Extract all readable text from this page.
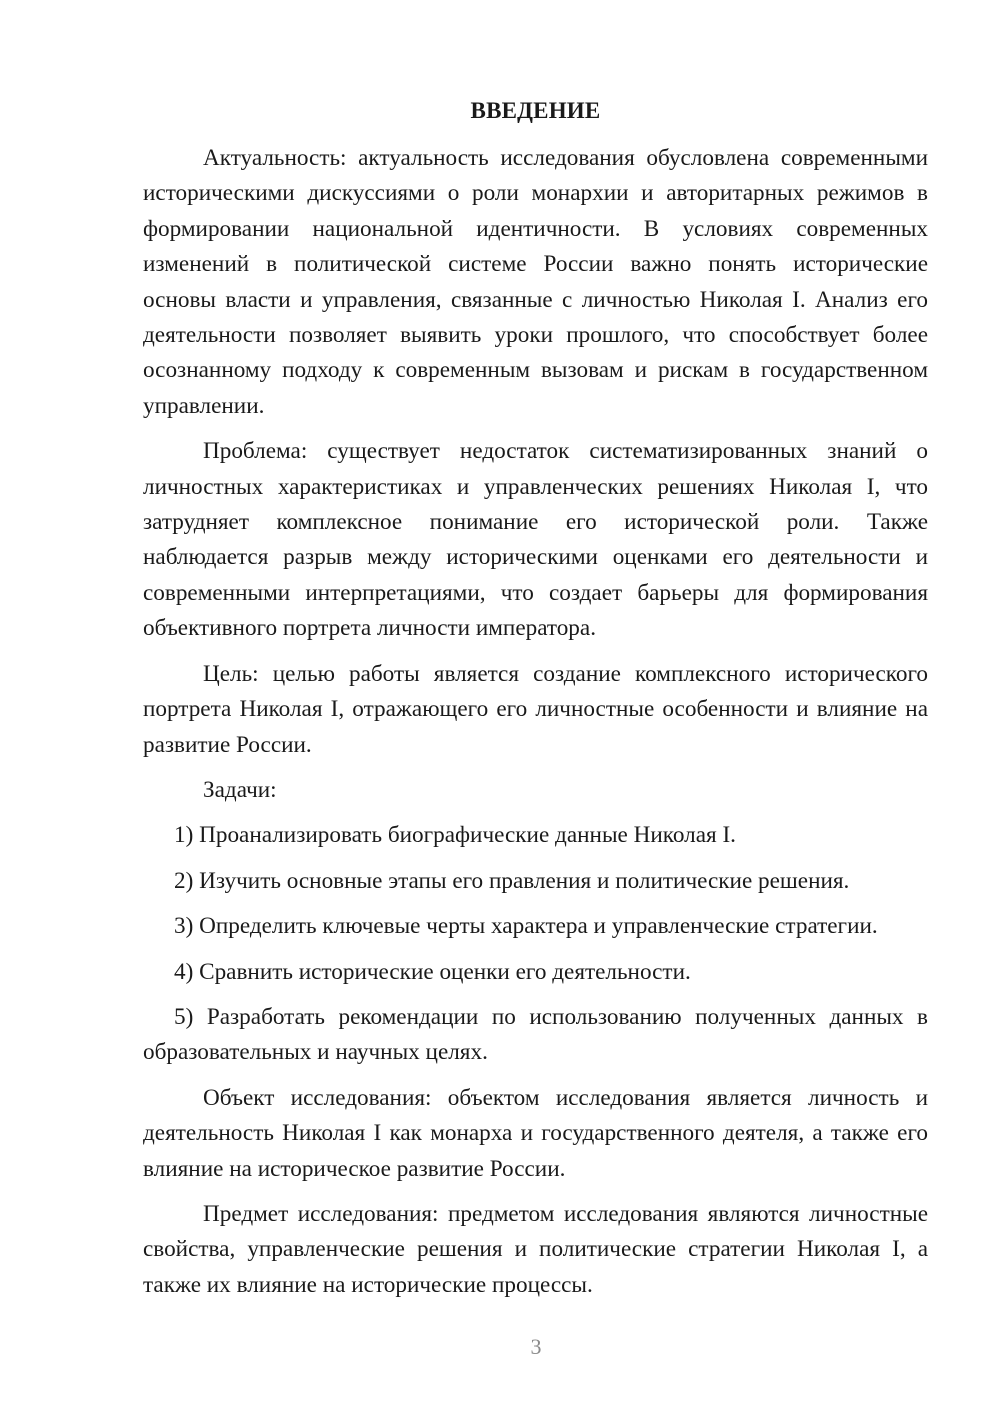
ВВЕДЕНИЕ

Актуальность: актуальность исследования обусловлена современными историческими дискуссиями о роли монархии и авторитарных режимов в формировании национальной идентичности. В условиях современных изменений в политической системе России важно понять исторические основы власти и управления, связанные с личностью Николая I. Анализ его деятельности позволяет выявить уроки прошлого, что способствует более осознанному подходу к современным вызовам и рискам в государственном управлении.

Проблема: существует недостаток систематизированных знаний о личностных характеристиках и управленческих решениях Николая I, что затрудняет комплексное понимание его исторической роли. Также наблюдается разрыв между историческими оценками его деятельности и современными интерпретациями, что создает барьеры для формирования объективного портрета личности императора.

Цель: целью работы является создание комплексного исторического портрета Николая I, отражающего его личностные особенности и влияние на развитие России.

Задачи:

1) Проанализировать биографические данные Николая I.

2) Изучить основные этапы его правления и политические решения.

3) Определить ключевые черты характера и управленческие стратегии.

4) Сравнить исторические оценки его деятельности.

5) Разработать рекомендации по использованию полученных данных в образовательных и научных целях.

Объект исследования: объектом исследования является личность и деятельность Николая I как монарха и государственного деятеля, а также его влияние на историческое развитие России.

Предмет исследования: предметом исследования являются личностные свойства, управленческие решения и политические стратегии Николая I, а также их влияние на исторические процессы.

3
